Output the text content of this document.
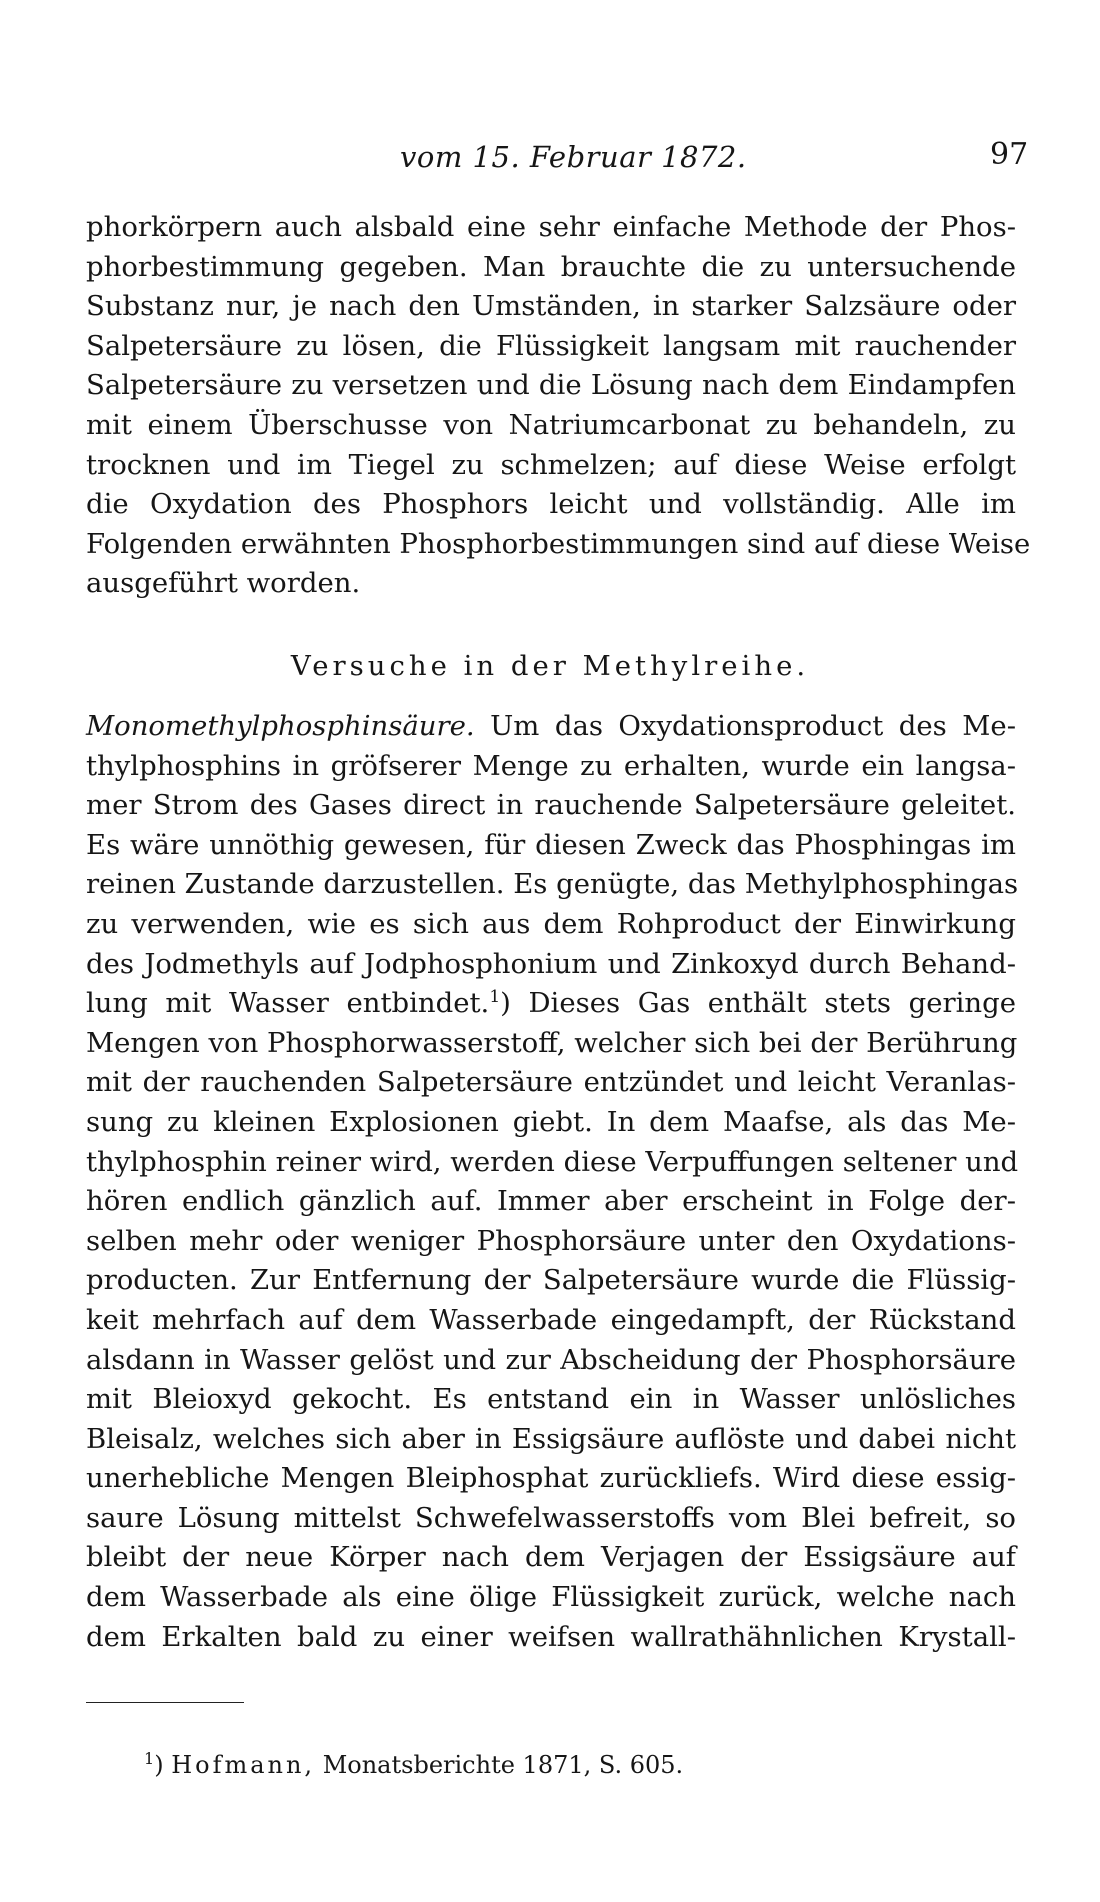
vom 15. Februar 1872.	97
phorkörpern auch alsbald eine sehr einfache Methode der Phos-
phorbestimmung gegeben. Man brauchte die zu untersuchende
Substanz nur, je nach den Umständen, in starker Salzsäure oder
Salpetersäure zu lösen, die Flüssigkeit langsam mit rauchender
Salpetersäure zu versetzen und die Lösung nach dem Eindampfen
mit einem Überschusse von Natriumcarbonat zu behandeln, zu
trocknen und im Tiegel zu schmelzen; auf diese Weise erfolgt
die Oxydation des Phosphors leicht und vollständig. Alle im
Folgenden erwähnten Phosphorbestimmungen sind auf diese Weise
ausgeführt worden.
Versuche in der Methylreihe.
Monomethylphosphinsäure. Um das Oxydationsproduct des Me-
thylphosphins in gröfserer Menge zu erhalten, wurde ein langsa-
mer Strom des Gases direct in rauchende Salpetersäure geleitet.
Es wäre unnöthig gewesen, für diesen Zweck das Phosphingas im
reinen Zustande darzustellen. Es genügte, das Methylphosphingas
zu verwenden, wie es sich aus dem Rohproduct der Einwirkung
des Jodmethyls auf Jodphosphonium und Zinkoxyd durch Behand-
lung mit Wasser entbindet.$^1$) Dieses Gas enthält stets geringe
Mengen von Phosphorwasserstoff, welcher sich bei der Berührung
mit der rauchenden Salpetersäure entzündet und leicht Veranlas-
sung zu kleinen Explosionen giebt. In dem Maafse, als das Me-
thylphosphin reiner wird, werden diese Verpuffungen seltener und
hören endlich gänzlich auf. Immer aber erscheint in Folge der-
selben mehr oder weniger Phosphorsäure unter den Oxydations-
producten. Zur Entfernung der Salpetersäure wurde die Flüssig-
keit mehrfach auf dem Wasserbade eingedampft, der Rückstand
alsdann in Wasser gelöst und zur Abscheidung der Phosphorsäure
mit Bleioxyd gekocht. Es entstand ein in Wasser unlösliches
Bleisalz, welches sich aber in Essigsäure auflöste und dabei nicht
unerhebliche Mengen Bleiphosphat zurückliefs. Wird diese essig-
saure Lösung mittelst Schwefelwasserstoffs vom Blei befreit, so
bleibt der neue Körper nach dem Verjagen der Essigsäure auf
dem Wasserbade als eine ölige Flüssigkeit zurück, welche nach
dem Erkalten bald zu einer weifsen wallrathähnlichen Krystall-
$^1$) Hofmann, Monatsberichte 1871, S. 605.
